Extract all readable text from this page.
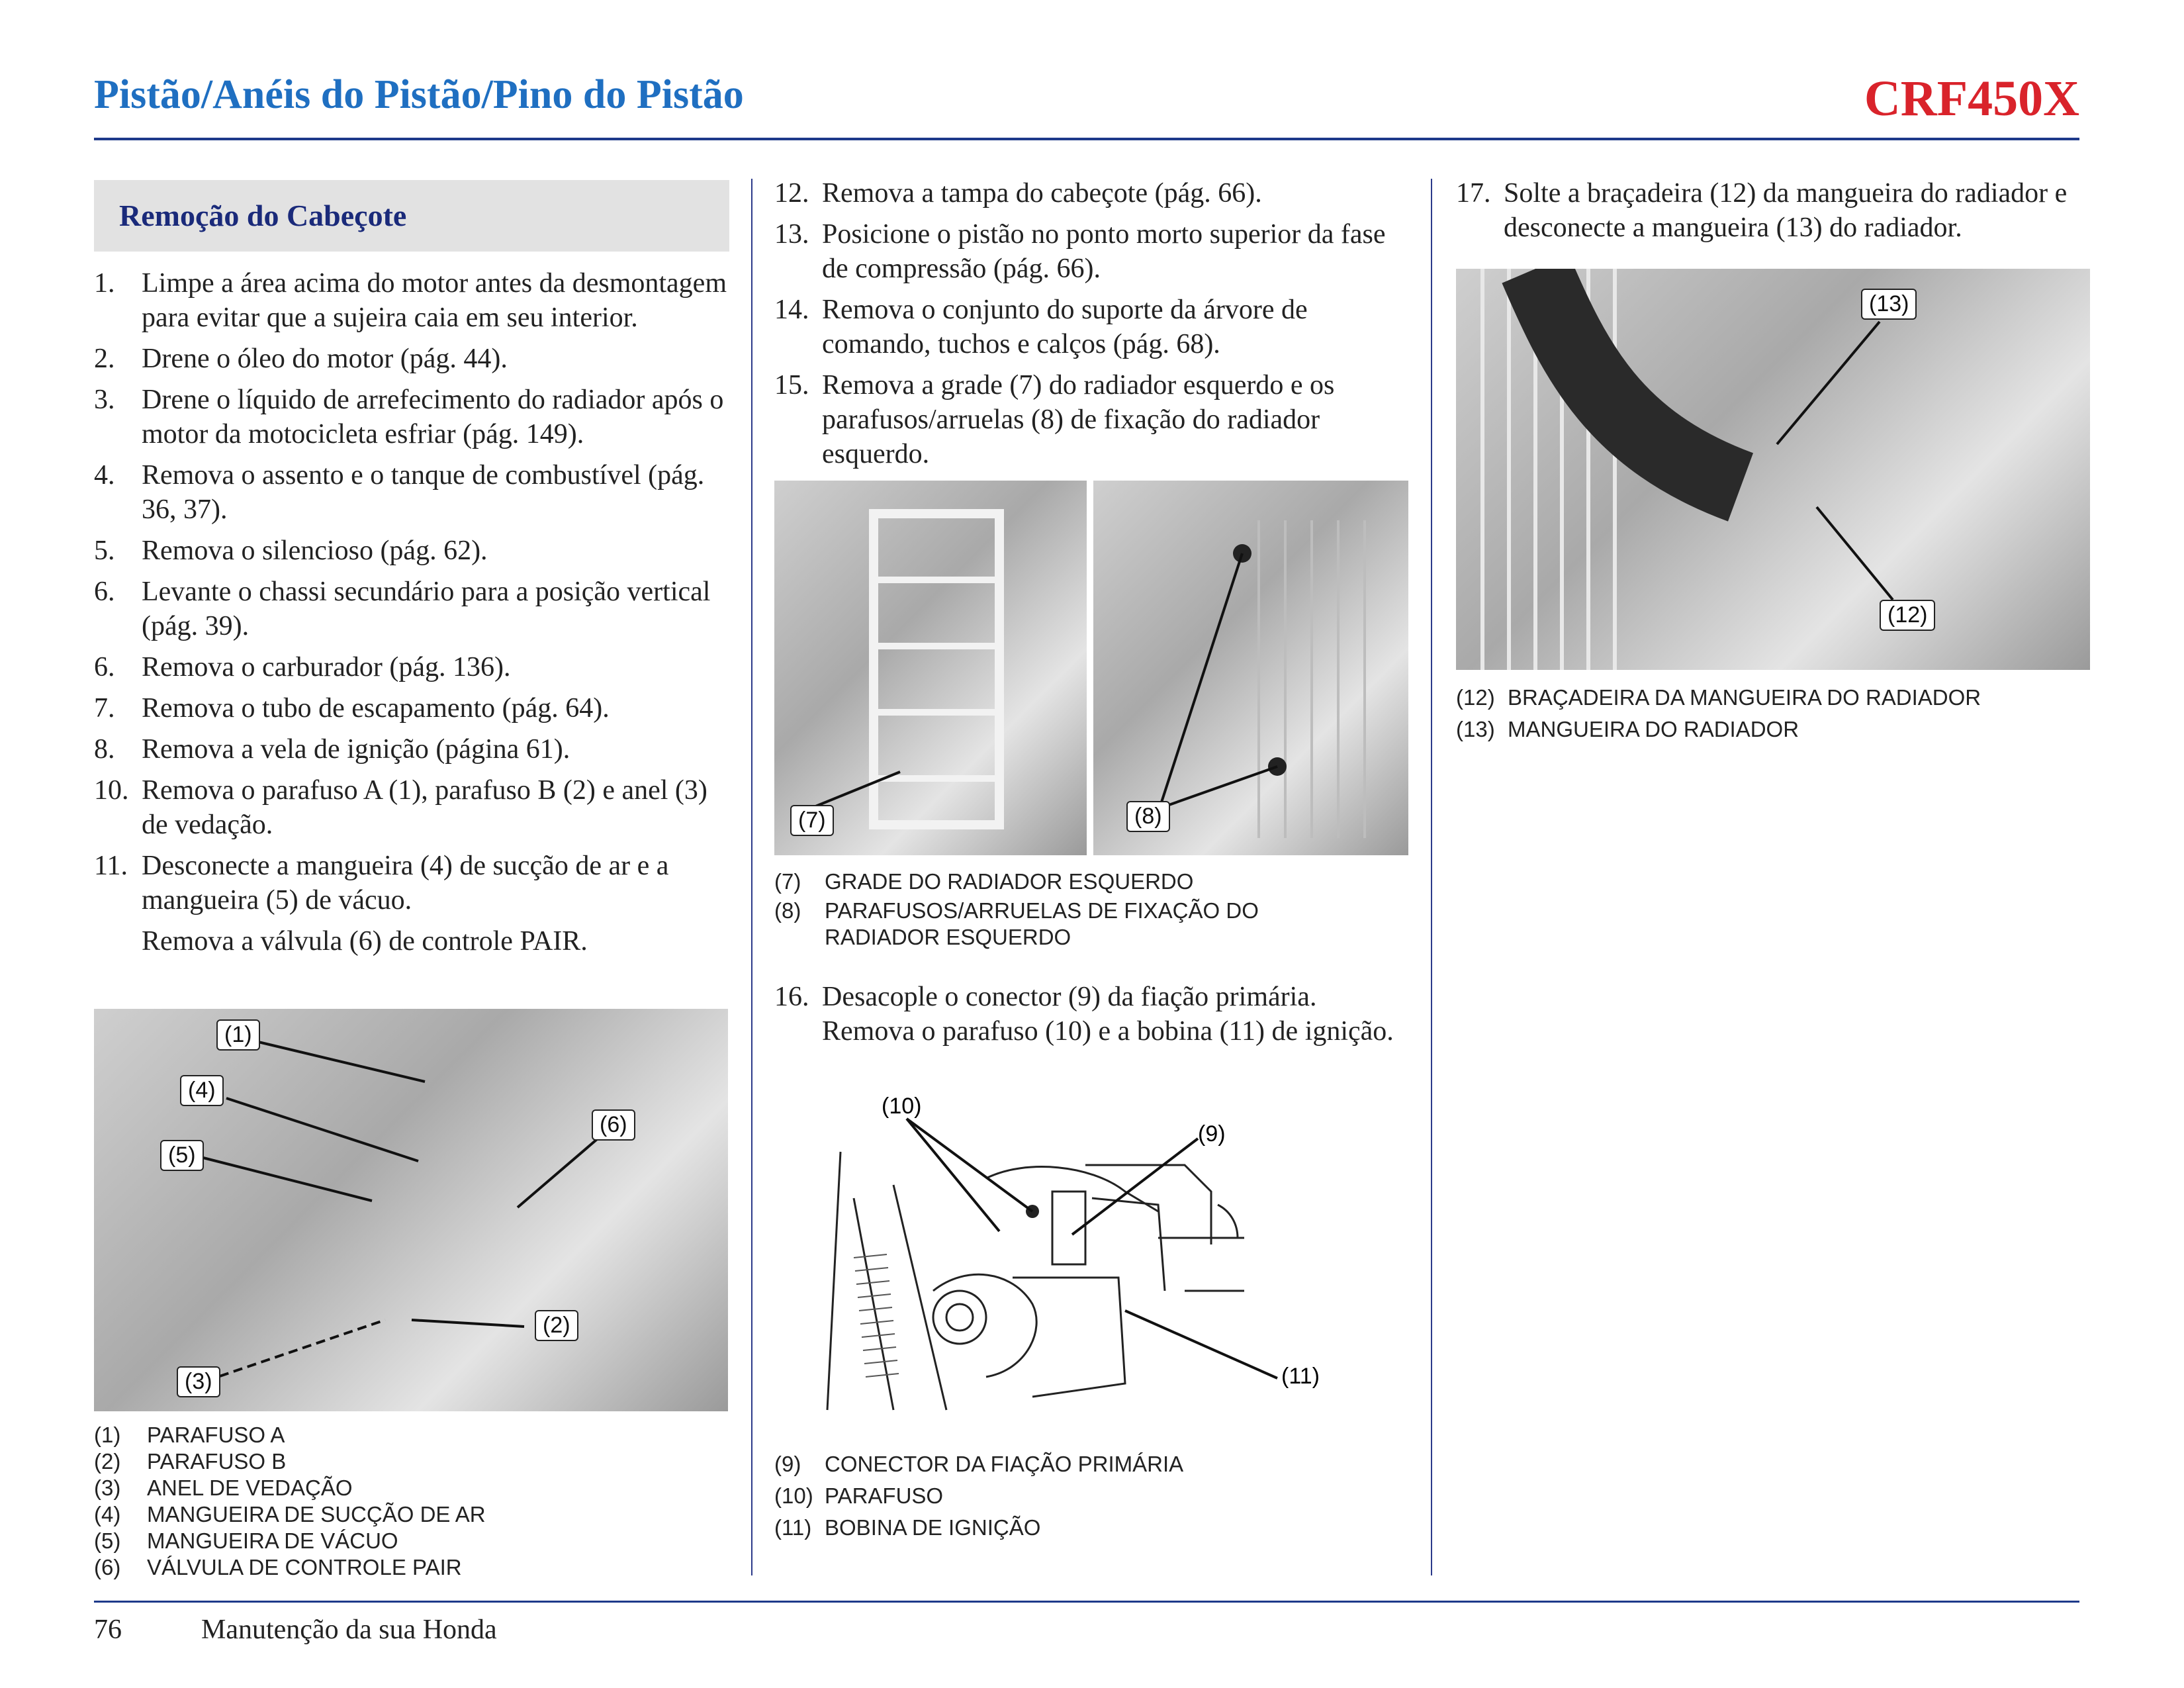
Pistão/Anéis do Pistão/Pino do Pistão	CRF450X
Remoção do Cabeçote
1. Limpe a área acima do motor antes da desmontagem para evitar que a sujeira caia em seu interior.
2. Drene o óleo do motor (pág. 44).
3. Drene o líquido de arrefecimento do radiador após o motor da motocicleta esfriar (pág. 149).
4. Remova o assento e o tanque de combustível (pág. 36, 37).
5. Remova o silencioso (pág. 62).
6. Levante o chassi secundário para a posição vertical (pág. 39).
6. Remova o carburador (pág. 136).
7. Remova o tubo de escapamento (pág. 64).
8. Remova a vela de ignição (página 61).
10. Remova o parafuso A (1), parafuso B (2) e anel (3) de vedação.
11. Desconecte a mangueira (4) de sucção de ar e a mangueira (5) de vácuo.
Remova a válvula (6) de controle PAIR.
(1)
(4)
(5)
(6)
(2)
(3)
(1)	PARAFUSO A
(2)	PARAFUSO B
(3)	ANEL DE VEDAÇÃO
(4)	MANGUEIRA DE SUCÇÃO DE AR
(5)	MANGUEIRA DE VÁCUO
(6)	VÁLVULA DE CONTROLE PAIR
12. Remova a tampa do cabeçote (pág. 66).
13. Posicione o pistão no ponto morto superior da fase de compressão (pág. 66).
14. Remova o conjunto do suporte da árvore de comando, tuchos e calços (pág. 68).
15. Remova a grade (7) do radiador esquerdo e os parafusos/arruelas (8) de fixação do radiador esquerdo.
(7)	(8)
(7)	GRADE DO RADIADOR ESQUERDO
(8)	PARAFUSOS/ARRUELAS DE FIXAÇÃO DO RADIADOR ESQUERDO
16. Desacople o conector (9) da fiação primária. Remova o parafuso (10) e a bobina (11) de ignição.
(10)
(9)
(11)
(9)	CONECTOR DA FIAÇÃO PRIMÁRIA
(10) PARAFUSO
(11) BOBINA DE IGNIÇÃO
17. Solte a braçadeira (12) da mangueira do radiador e desconecte a mangueira (13) do radiador.
(13)
(12)
(12) BRAÇADEIRA DA MANGUEIRA DO RADIADOR
(13) MANGUEIRA DO RADIADOR
76	Manutenção da sua Honda
